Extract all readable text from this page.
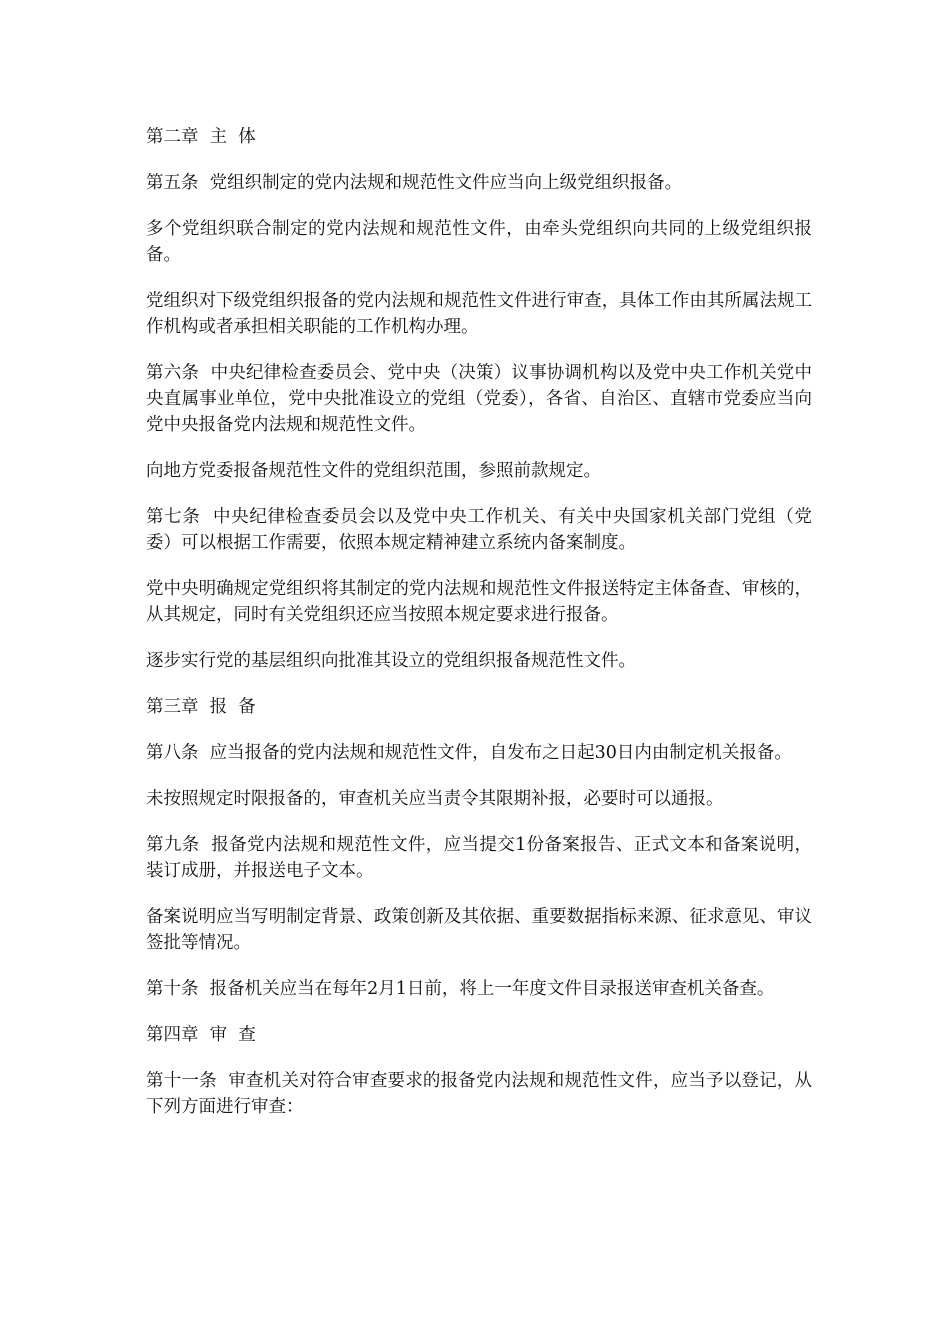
第二章  主  体

第五条  党组织制定的党内法规和规范性文件应当向上级党组织报备。

多个党组织联合制定的党内法规和规范性文件，由牵头党组织向共同的上级党组织报备。

党组织对下级党组织报备的党内法规和规范性文件进行审查，具体工作由其所属法规工作机构或者承担相关职能的工作机构办理。

第六条  中央纪律检查委员会、党中央（决策）议事协调机构以及党中央工作机关党中央直属事业单位，党中央批准设立的党组（党委），各省、自治区、直辖市党委应当向党中央报备党内法规和规范性文件。

向地方党委报备规范性文件的党组织范围，参照前款规定。

第七条  中央纪律检查委员会以及党中央工作机关、有关中央国家机关部门党组（党委）可以根据工作需要，依照本规定精神建立系统内备案制度。

党中央明确规定党组织将其制定的党内法规和规范性文件报送特定主体备查、审核的，从其规定，同时有关党组织还应当按照本规定要求进行报备。

逐步实行党的基层组织向批准其设立的党组织报备规范性文件。

第三章  报  备

第八条  应当报备的党内法规和规范性文件，自发布之日起30日内由制定机关报备。

未按照规定时限报备的，审查机关应当责令其限期补报，必要时可以通报。

第九条  报备党内法规和规范性文件，应当提交1份备案报告、正式文本和备案说明，装订成册，并报送电子文本。

备案说明应当写明制定背景、政策创新及其依据、重要数据指标来源、征求意见、审议签批等情况。

第十条  报备机关应当在每年2月1日前，将上一年度文件目录报送审查机关备查。

第四章  审  查

第十一条  审查机关对符合审查要求的报备党内法规和规范性文件，应当予以登记，从下列方面进行审查：
